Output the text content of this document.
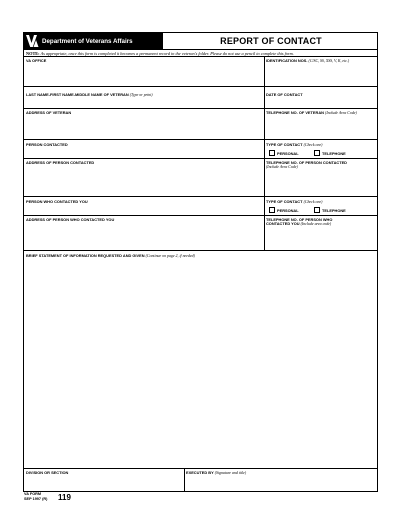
Department of Veterans Affairs	REPORT OF CONTACT
NOTE: As appropriate, once this form is completed it becomes a permanent record in the veteran's folder. Please do not use a pencil to complete this form.
VA OFFICE	IDENTIFICATION NOS. (C/SC, SS, XSS, V, K, etc.)
LAST NAME-FIRST NAME-MIDDLE NAME OF VETERAN (Type or print)	DATE OF CONTACT
ADDRESS OF VETERAN	TELEPHONE NO. OF VETERAN (Include Area Code)
PERSON CONTACTED	TYPE OF CONTACT (Check one)
PERSONAL	TELEPHONE
ADDRESS OF PERSON CONTACTED	TELEPHONE NO. OF PERSON CONTACTED
(Include Area Code)
PERSON WHO CONTACTED YOU	TYPE OF CONTACT (Check one)
PERSONAL	TELEPHONE
ADDRESS OF PERSON WHO CONTACTED YOU	TELEPHONE NO. OF PERSON WHO
CONTACTED YOU (Include area code)
BRIEF STATEMENT OF INFORMATION REQUESTED AND GIVEN (Continue on page 2, if needed)
DIVISION OR SECTION	EXECUTED BY (Signature and title)
VA FORM
SEP 1997 (R) 119
